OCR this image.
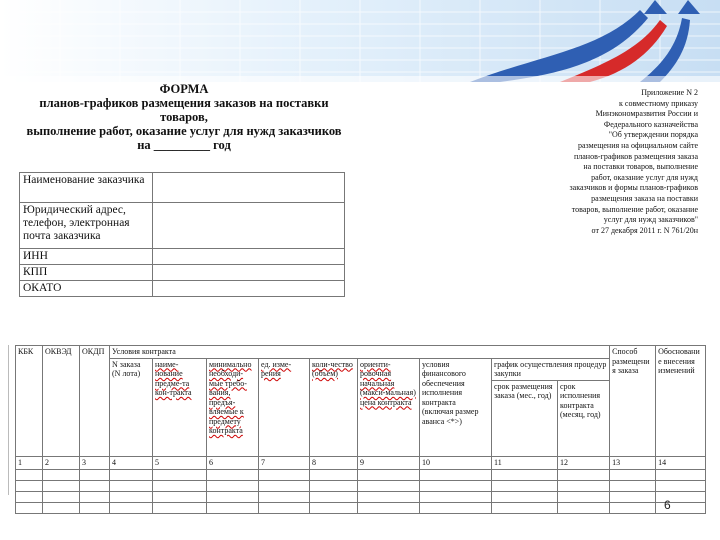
ФОРМА
планов-графиков размещения заказов на поставки
товаров,
выполнение работ, оказание услуг для нужд заказчиков
на _________ год
Приложение N 2
к совместному приказу
Минэкономразвития России и
Федерального казначейства
"Об утверждении порядка
размещения на официальном сайте
планов-графиков размещения заказа
на поставки товаров, выполнение
работ, оказание услуг для нужд
заказчиков и формы планов-графиков
размещения заказа на поставки
товаров, выполнение работ, оказание
услуг для нужд заказчиков"
от 27 декабря 2011 г. N 761/20н
Наименование заказчика	
Юридический адрес, телефон, электронная почта заказчика	
ИНН	
КПП	
ОКАТО	
КБК	ОКВЭД	ОКДП	Условия контракта									Способ размещения заказа	Обоснование внесения изменений
			N заказа (N лота)	наиме-нование предме-та кон-тракта	минимально необходи-мые требо-вания, предъя-вляемые к предмету контракта	ед. изме-рения	коли-чество (объем)	ориенти-ровочная начальная (макси-мальная) цена контракта	условия финансового обеспечения исполнения контракта (включая размер аванса <*>)	график осуществления процедур закупки			
										срок размещения заказа (мес., год)	срок исполнения контракта (месяц, год)		
1	2	3	4	5	6	7	8	9	10	11	12	13	14

6
